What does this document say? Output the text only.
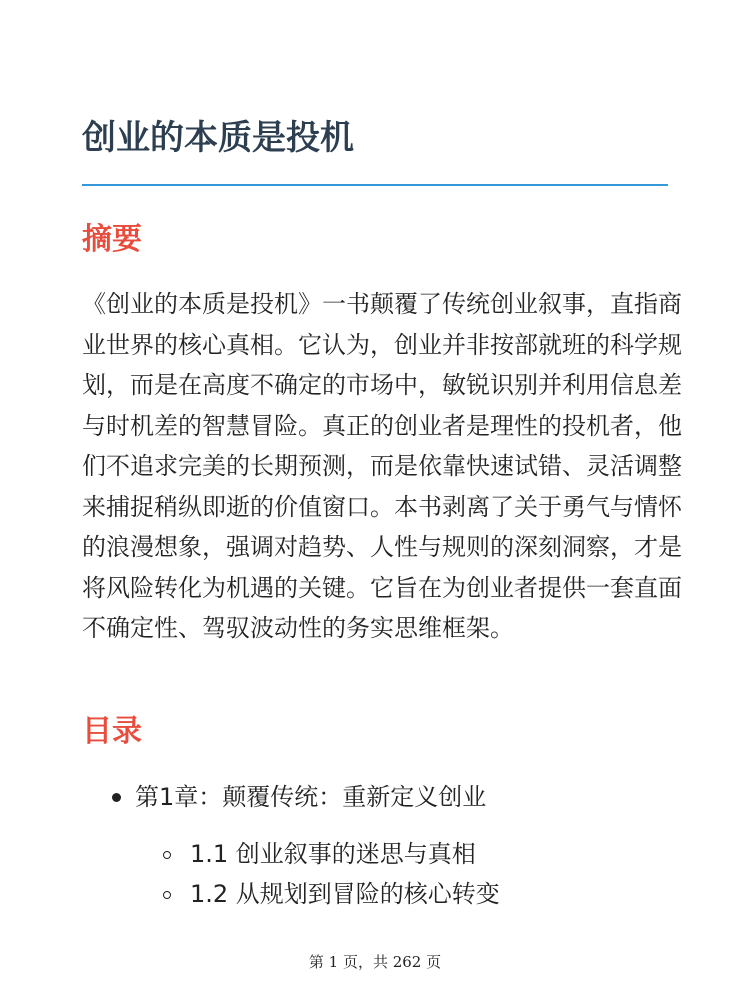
创业的本质是投机
摘要

《创业的本质是投机》一书颠覆了传统创业叙事，直指商业世界的核心真相。它认为，创业并非按部就班的科学规划，而是在高度不确定的市场中，敏锐识别并利用信息差与时机差的智慧冒险。真正的创业者是理性的投机者，他们不追求完美的长期预测，而是依靠快速试错、灵活调整来捕捉稍纵即逝的价值窗口。本书剥离了关于勇气与情怀的浪漫想象，强调对趋势、人性与规则的深刻洞察，才是将风险转化为机遇的关键。它旨在为创业者提供一套直面不确定性、驾驭波动性的务实思维框架。

目录
第1章：颠覆传统：重新定义创业
1.1 创业叙事的迷思与真相
1.2 从规划到冒险的核心转变
第 1 页，共 262 页
